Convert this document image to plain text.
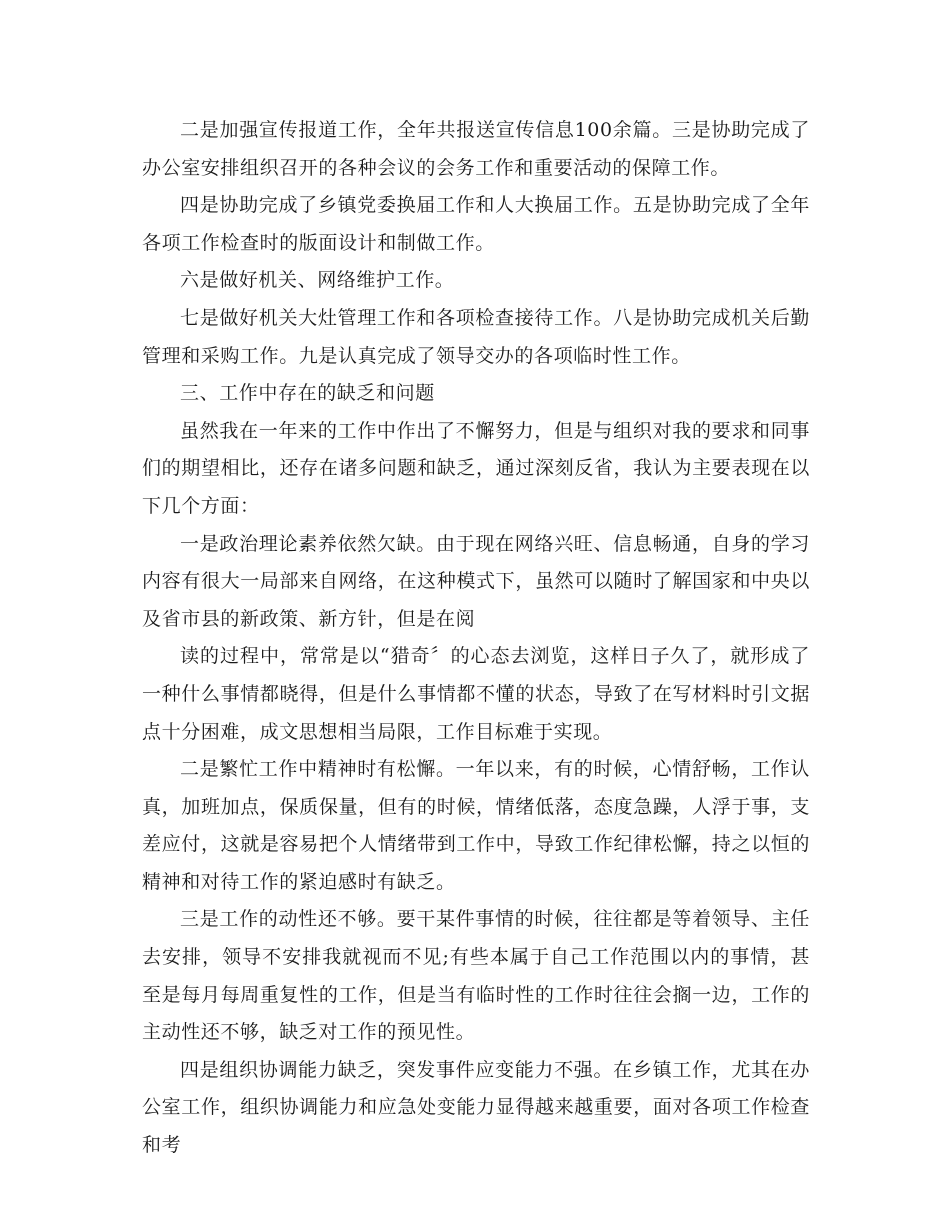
二是加强宣传报道工作，全年共报送宣传信息100余篇。三是协助完成了办公室安排组织召开的各种会议的会务工作和重要活动的保障工作。

四是协助完成了乡镇党委换届工作和人大换届工作。五是协助完成了全年各项工作检查时的版面设计和制做工作。

六是做好机关、网络维护工作。

七是做好机关大灶管理工作和各项检查接待工作。八是协助完成机关后勤管理和采购工作。九是认真完成了领导交办的各项临时性工作。

三、工作中存在的缺乏和问题

虽然我在一年来的工作中作出了不懈努力，但是与组织对我的要求和同事们的期望相比，还存在诸多问题和缺乏，通过深刻反省，我认为主要表现在以下几个方面：

一是政治理论素养依然欠缺。由于现在网络兴旺、信息畅通，自身的学习内容有很大一局部来自网络，在这种模式下，虽然可以随时了解国家和中央以及省市县的新政策、新方针，但是在阅

读的过程中，常常是以“猎奇〞的心态去浏览，这样日子久了，就形成了一种什么事情都晓得，但是什么事情都不懂的状态，导致了在写材料时引文据点十分困难，成文思想相当局限，工作目标难于实现。

二是繁忙工作中精神时有松懈。一年以来，有的时候，心情舒畅，工作认真，加班加点，保质保量，但有的时候，情绪低落，态度急躁，人浮于事，支差应付，这就是容易把个人情绪带到工作中，导致工作纪律松懈，持之以恒的精神和对待工作的紧迫感时有缺乏。

三是工作的动性还不够。要干某件事情的时候，往往都是等着领导、主任去安排，领导不安排我就视而不见;有些本属于自己工作范围以内的事情，甚至是每月每周重复性的工作，但是当有临时性的工作时往往会搁一边，工作的主动性还不够，缺乏对工作的预见性。

四是组织协调能力缺乏，突发事件应变能力不强。在乡镇工作，尤其在办公室工作，组织协调能力和应急处变能力显得越来越重要，面对各项工作检查和考
